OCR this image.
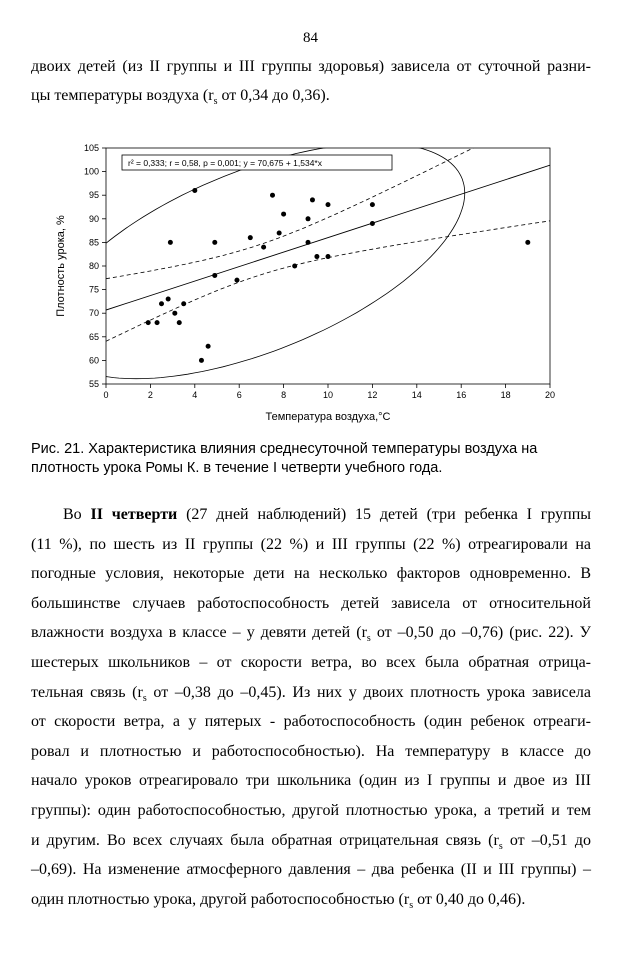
84
двоих детей (из II группы и III группы здоровья) зависела от суточной разни-
цы температуры воздуха ($r_s$ от 0,34 до 0,36).
0	2	4	6	8	10	12	14	16	18	20
55
60
65
70
75
80
85
90
95
100
105
Температура воздуха,°С
Плотность урока, %
r² = 0,333; r = 0,58, p = 0,001; y = 70,675 + 1,534*x
Рис. 21. Характеристика влияния среднесуточной температуры воздуха на
плотность урока Ромы К. в течение I четверти учебного года.
Во II четверти (27 дней наблюдений) 15 детей (три ребенка I группы
(11 %), по шесть из II группы (22 %) и III группы (22 %) отреагировали на
погодные условия, некоторые дети на несколько факторов одновременно. В
большинстве случаев работоспособность детей зависела от относительной
влажности воздуха в классе – у девяти детей ($r_s$ от –0,50 до –0,76) (рис. 22). У
шестерых школьников – от скорости ветра, во всех была обратная отрица-
тельная связь ($r_s$ от –0,38 до –0,45). Из них у двоих плотность урока зависела
от скорости ветра, а у пятерых - работоспособность (один ребенок отреаги-
ровал и плотностью и работоспособностью). На температуру в классе до
начало уроков отреагировало три школьника (один из I группы и двое из III
группы): один работоспособностью, другой плотностью урока, а третий и тем
и другим. Во всех случаях была обратная отрицательная связь ($r_s$ от –0,51 до
–0,69). На изменение атмосферного давления – два ребенка (II и III группы) –
один плотностью урока, другой работоспособностью ($r_s$ от 0,40 до 0,46).
